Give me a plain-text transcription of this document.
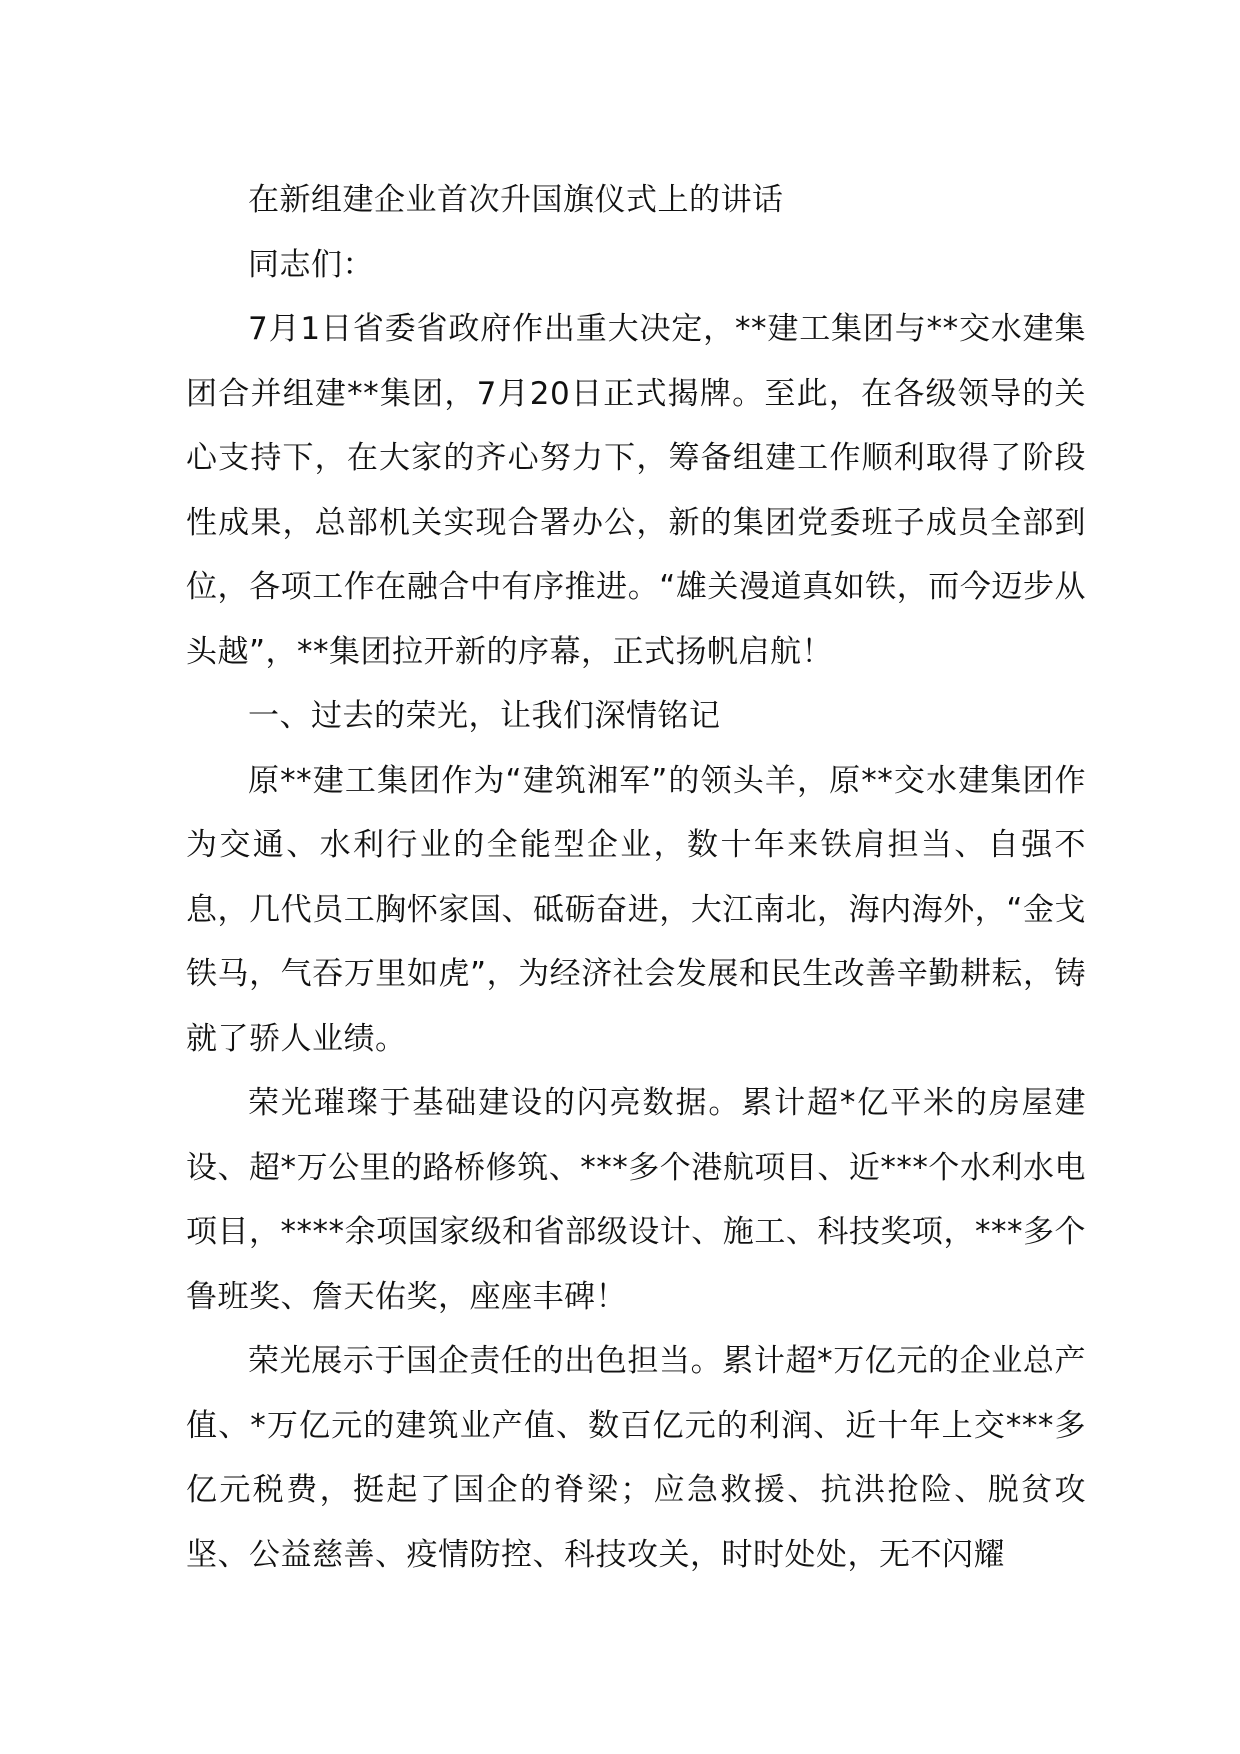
在新组建企业首次升国旗仪式上的讲话

同志们：

7月1日省委省政府作出重大决定，**建工集团与**交水建集团合并组建**集团，7月20日正式揭牌。至此，在各级领导的关心支持下，在大家的齐心努力下，筹备组建工作顺利取得了阶段性成果，总部机关实现合署办公，新的集团党委班子成员全部到位，各项工作在融合中有序推进。“雄关漫道真如铁，而今迈步从头越”，**集团拉开新的序幕，正式扬帆启航！

一、过去的荣光，让我们深情铭记

原**建工集团作为“建筑湘军”的领头羊，原**交水建集团作为交通、水利行业的全能型企业，数十年来铁肩担当、自强不息，几代员工胸怀家国、砥砺奋进，大江南北，海内海外，“金戈铁马，气吞万里如虎”，为经济社会发展和民生改善辛勤耕耘，铸就了骄人业绩。

荣光璀璨于基础建设的闪亮数据。累计超*亿平米的房屋建设、超*万公里的路桥修筑、***多个港航项目、近***个水利水电项目，****余项国家级和省部级设计、施工、科技奖项，***多个鲁班奖、詹天佑奖，座座丰碑！

荣光展示于国企责任的出色担当。累计超*万亿元的企业总产值、*万亿元的建筑业产值、数百亿元的利润、近十年上交***多亿元税费，挺起了国企的脊梁；应急救援、抗洪抢险、脱贫攻坚、公益慈善、疫情防控、科技攻关，时时处处，无不闪耀
